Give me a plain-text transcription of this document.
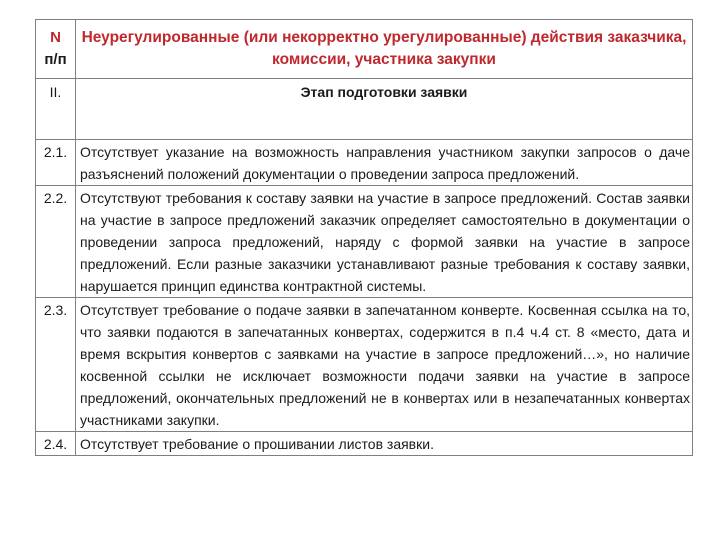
N
п/п	Неурегулированные (или некорректно урегулированные) действия заказчика, комиссии, участника закупки
II.	Этап подготовки заявки
2.1.	Отсутствует указание на возможность направления участником закупки запросов о даче разъяснений положений документации о проведении запроса предложений.
2.2.	Отсутствуют требования к составу заявки на участие в запросе предложений. Состав заявки на участие в запросе предложений заказчик определяет самостоятельно в документации о проведении запроса предложений, наряду с формой заявки на участие в запросе предложений. Если разные заказчики устанавливают разные требования к составу заявки, нарушается принцип единства контрактной системы.
2.3.	Отсутствует требование о подаче заявки в запечатанном конверте. Косвенная ссылка на то, что заявки подаются в запечатанных конвертах, содержится в п.4 ч.4 ст. 8 «место, дата и время вскрытия конвертов с заявками на участие в запросе предложений…», но наличие косвенной ссылки не исключает возможности подачи заявки на участие в запросе предложений, окончательных предложений не в конвертах или в незапечатанных конвертах участниками закупки.
2.4.	Отсутствует требование о прошивании листов заявки.
